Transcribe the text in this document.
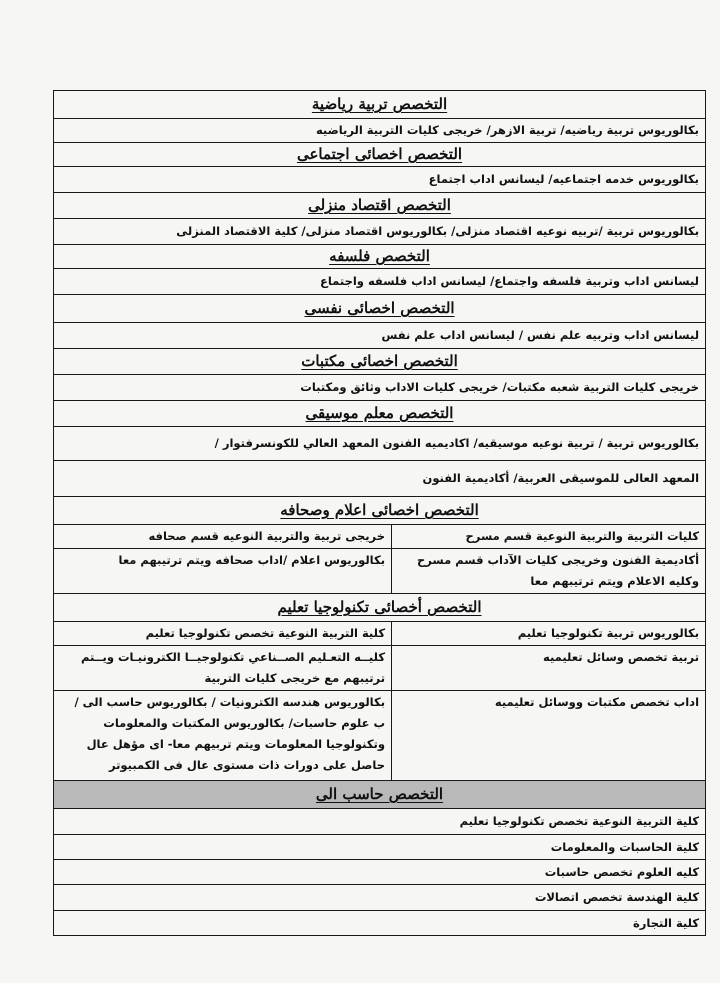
التخصص تربية رياضية	
بكالوريوس تربية رياضيه/ تربية الازهر/ خريجى كليات التربية الرياضيه	
التخصص اخصائى اجتماعى	
بكالوريوس خدمه اجتماعيه/ ليسانس اداب اجتماع	
التخصص اقتصاد منزلى	
بكالوريوس تربية /تربيه نوعيه اقتصاد منزلى/ بكالوريوس اقتصاد منزلى/ كلية الاقتصاد المنزلى	
التخصص فلسفه	
ليسانس اداب وتربية فلسفه واجتماع/ ليسانس اداب فلسفه واجتماع	
التخصص اخصائى نفسى	
ليسانس اداب وتربيه علم نفس / ليسانس اداب علم نفس	
التخصص اخصائى مكتبات	
خريجى كليات التربية شعبه مكتبات/ خريجى كليات الاداب وثائق ومكتبات	
التخصص معلم موسيقى	
بكالوريوس تربية / تربية نوعيه موسيقيه/ اكاديميه الفنون المعهد العالي للكونسرفتوار /	
المعهد العالى للموسيقى العربية/ أكاديمية الفنون	
التخصص اخصائى اعلام وصحافه	
كليات التربية والتربية النوعية قسم مسرح	خريجى تربية والتربية النوعيه قسم صحافه
أكاديمية الفنون وخريجى كليات الآداب قسم مسرح وكليه الاعلام ويتم ترتيبهم معا	بكالوريوس اعلام /اداب صحافه ويتم ترتيبهم معا
التخصص أخصائى تكنولوجيا تعليم	
بكالوريوس تربية تكنولوجيا تعليم	كلية التربية النوعية تخصص تكنولوجيا تعليم
تربية تخصص وسائل تعليميه	كليــه التعـليم الصــناعي تكنولوجيــا الكترونيـات ويــتم ترتيبهم مع خريجى كليات التربية
اداب تخصص مكتبات ووسائل تعليميه	بكالوريوس هندسه الكترونيات / بكالوريوس حاسب الى / ب علوم حاسبات/ بكالوريوس المكتبات والمعلومات وتكنولوجيا المعلومات ويتم تربيهم معا- اى مؤهل عال حاصل على دورات ذات مستوى عال فى الكمبيوتر
التخصص حاسب الى	
كلية التربية النوعية تخصص تكنولوجيا تعليم	
كلية الحاسبات والمعلومات	
كليه العلوم تخصص حاسبات	
كلية الهندسة تخصص اتصالات	
كلية التجارة	
